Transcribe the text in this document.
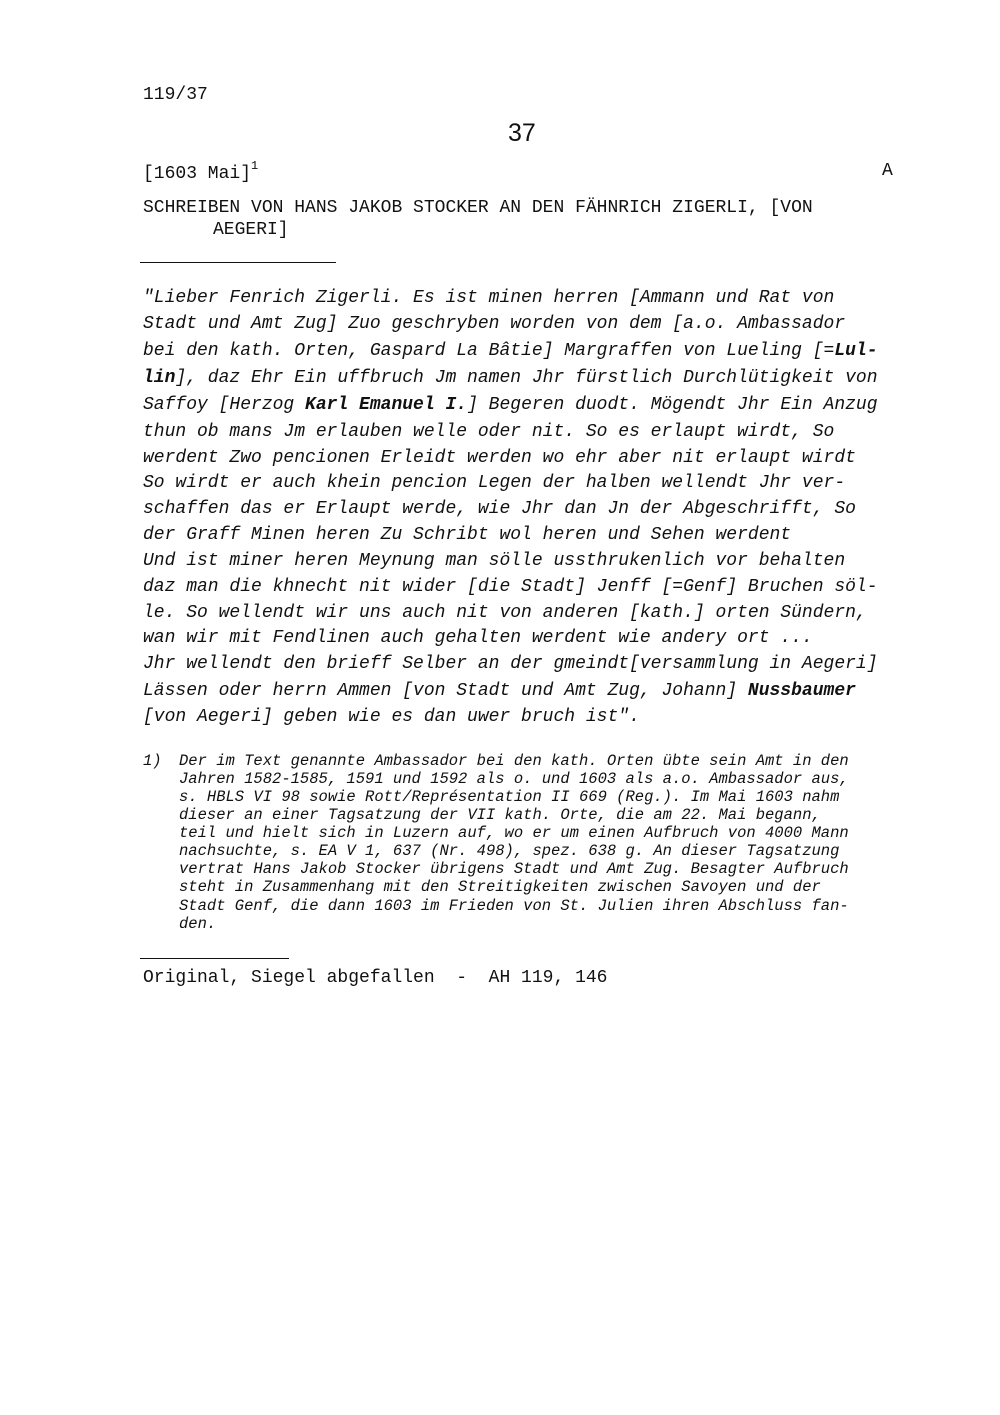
119/37
37
[1603 Mai]$^1$	A
SCHREIBEN VON HANS JAKOB STOCKER AN DEN FÄHNRICH ZIGERLI, [VON
AEGERI]
"Lieber Fenrich Zigerli. Es ist minen herren [Ammann und Rat von
Stadt und Amt Zug] Zuo geschryben worden von dem [a.o. Ambassador
bei den kath. Orten, Gaspard La Bâtie] Margraffen von Lueling [=Lul-
lin], daz Ehr Ein uffbruch Jm namen Jhr fürstlich Durchlütigkeit von
Saffoy [Herzog Karl Emanuel I.] Begeren duodt. Mögendt Jhr Ein Anzug
thun ob mans Jm erlauben welle oder nit. So es erlaupt wirdt, So
werdent Zwo pencionen Erleidt werden wo ehr aber nit erlaupt wirdt
So wirdt er auch khein pencion Legen der halben wellendt Jhr ver-
schaffen das er Erlaupt werde, wie Jhr dan Jn der Abgeschrifft, So
der Graff Minen heren Zu Schribt wol heren und Sehen werdent
Und ist miner heren Meynung man sölle ussthrukenlich vor behalten
daz man die khnecht nit wider [die Stadt] Jenff [=Genf] Bruchen söl-
le. So wellendt wir uns auch nit von anderen [kath.] orten Sündern,
wan wir mit Fendlinen auch gehalten werdent wie andery ort ...
Jhr wellendt den brieff Selber an der gmeindt[versammlung in Aegeri]
Lässen oder herrn Ammen [von Stadt und Amt Zug, Johann] Nussbaumer
[von Aegeri] geben wie es dan uwer bruch ist".
1) Der im Text genannte Ambassador bei den kath. Orten übte sein Amt in den
Jahren 1582-1585, 1591 und 1592 als o. und 1603 als a.o. Ambassador aus,
s. HBLS VI 98 sowie Rott/Représentation II 669 (Reg.). Im Mai 1603 nahm
dieser an einer Tagsatzung der VII kath. Orte, die am 22. Mai begann,
teil und hielt sich in Luzern auf, wo er um einen Aufbruch von 4000 Mann
nachsuchte, s. EA V 1, 637 (Nr. 498), spez. 638 g. An dieser Tagsatzung
vertrat Hans Jakob Stocker übrigens Stadt und Amt Zug. Besagter Aufbruch
steht in Zusammenhang mit den Streitigkeiten zwischen Savoyen und der
Stadt Genf, die dann 1603 im Frieden von St. Julien ihren Abschluss fan-
den.
Original, Siegel abgefallen  -  AH 119, 146
